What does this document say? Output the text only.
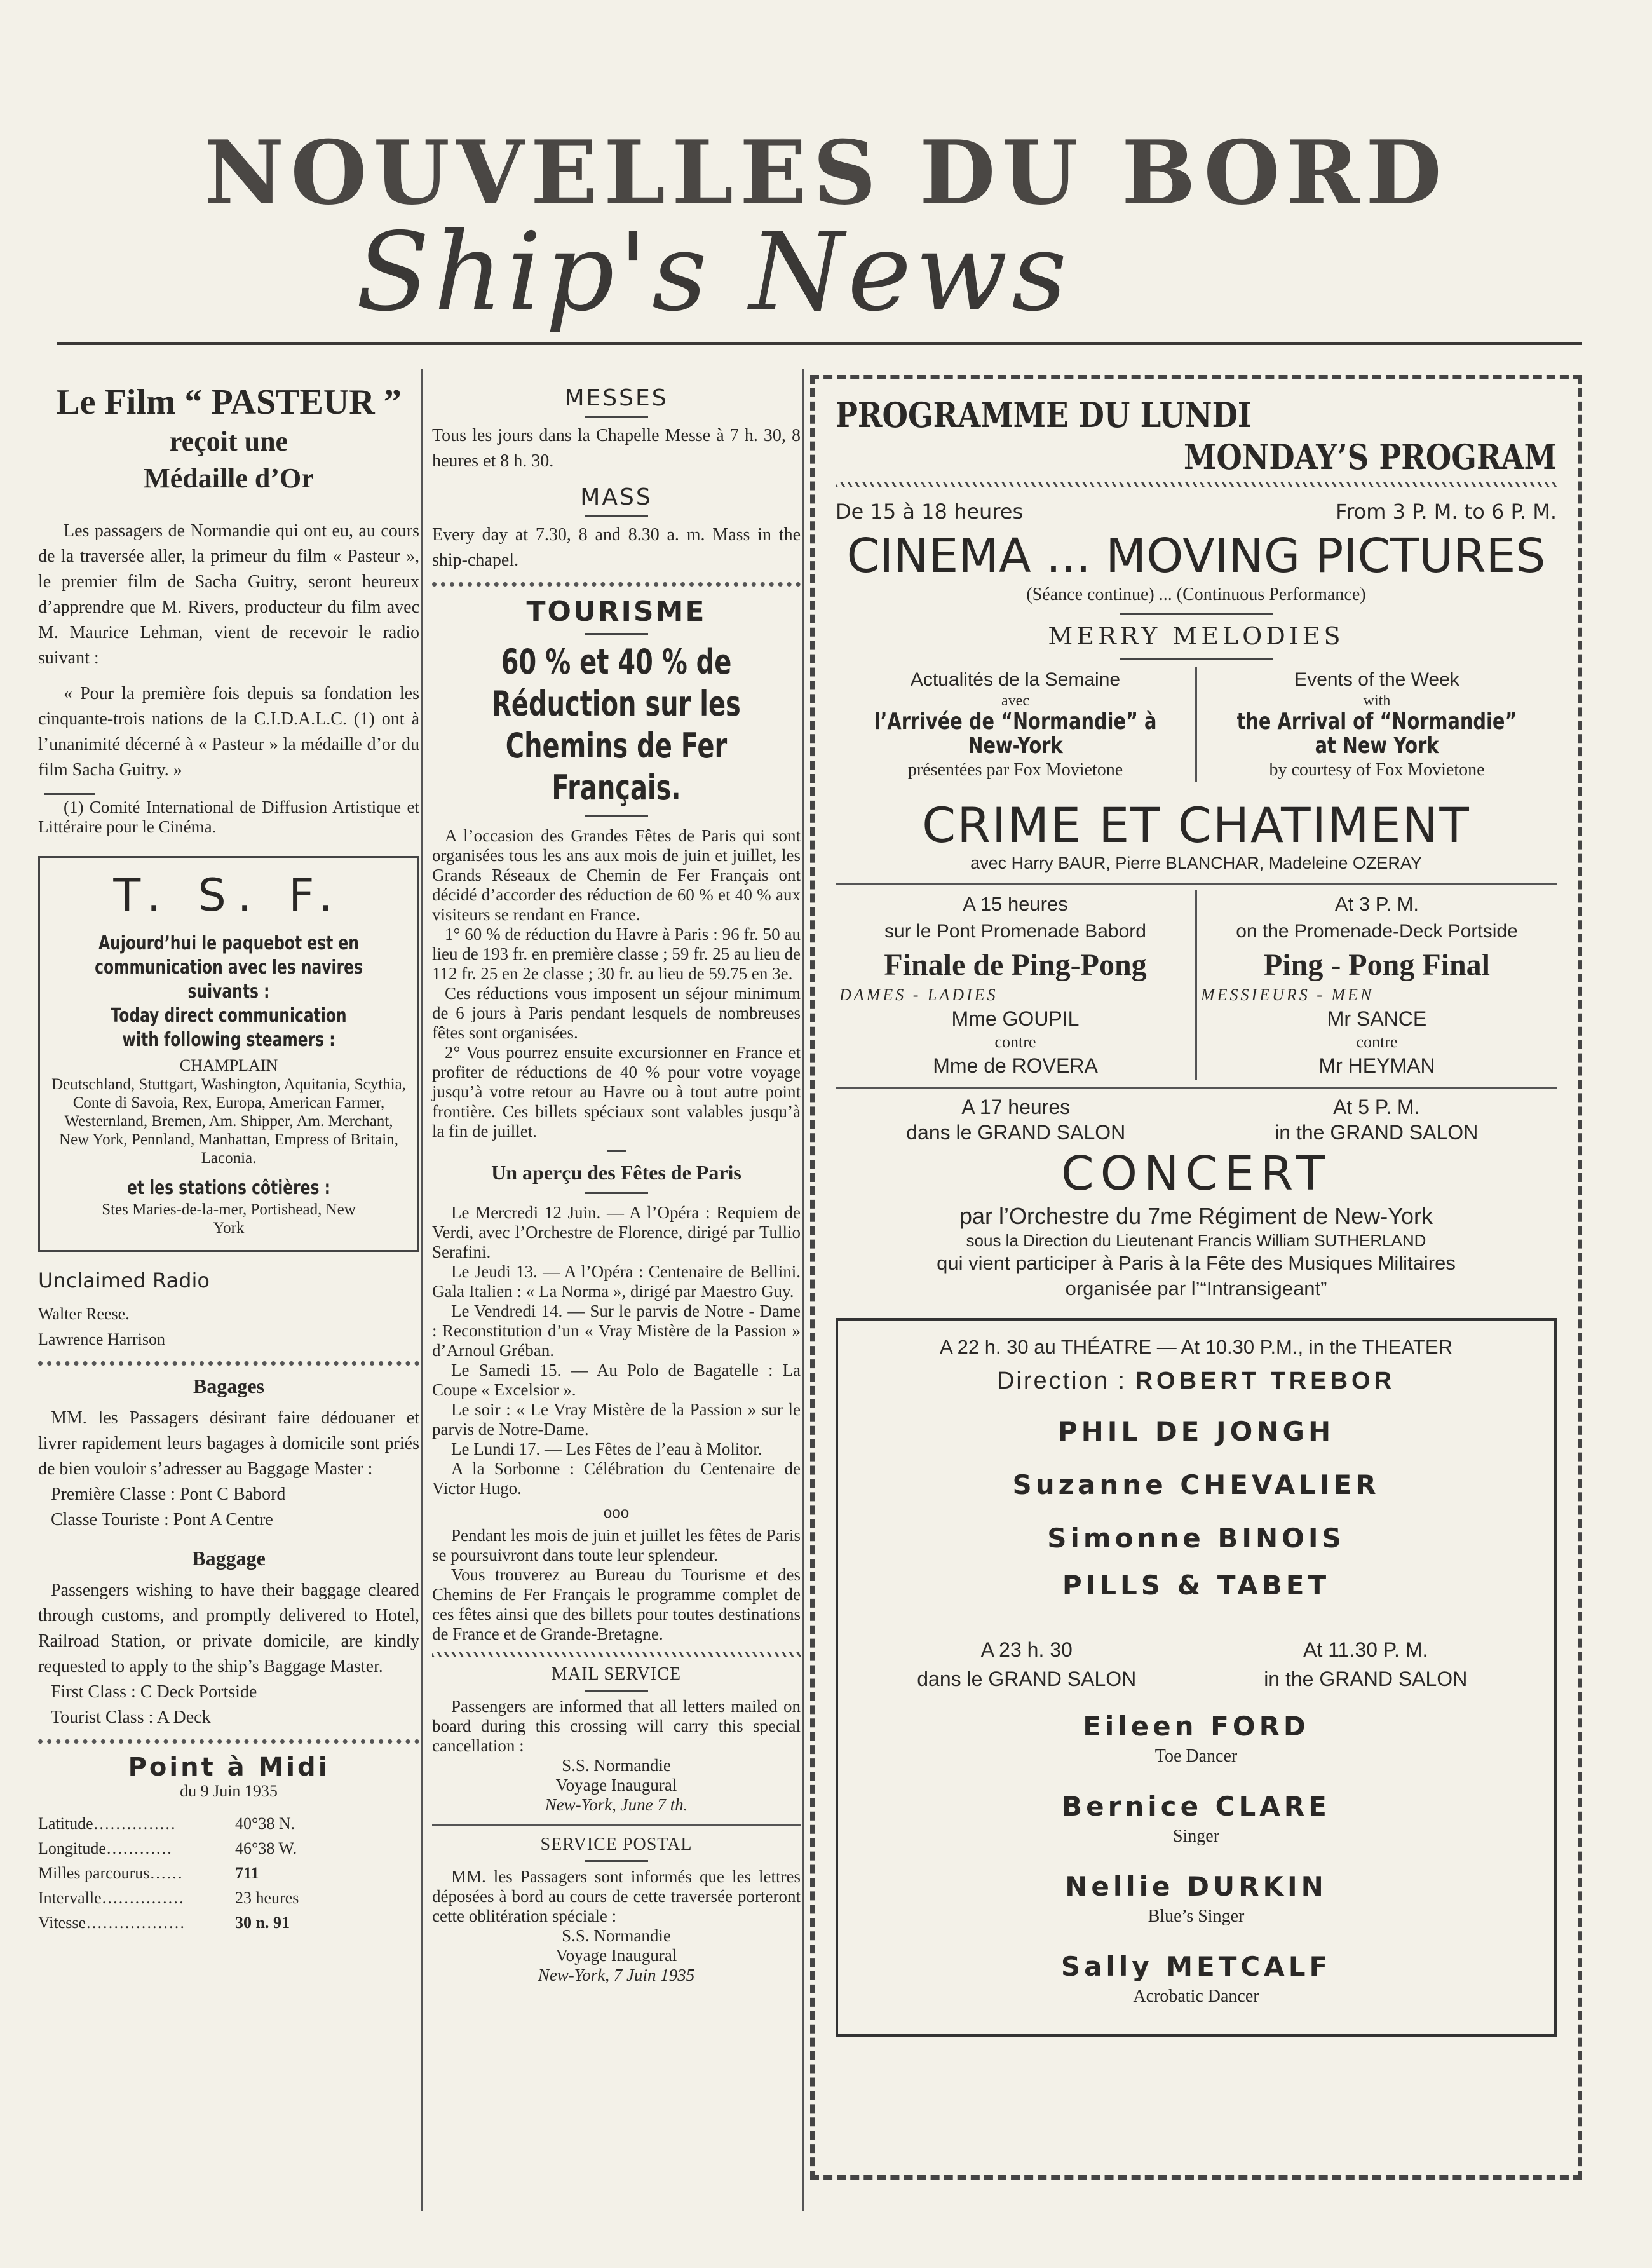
NOUVELLES DU BORD
Ship's News
Le Film “ PASTEUR ”
reçoit une
Médaille d’Or

Les passagers de Normandie qui ont eu, au cours de la traversée aller, la primeur du film « Pasteur », le premier film de Sacha Guitry, seront heureux d’apprendre que M. Rivers, producteur du film avec M. Maurice Lehman, vient de recevoir le radio suivant :

« Pour la première fois depuis sa fondation les cinquante-trois nations de la C.I.D.A.L.C. (1) ont à l’unanimité décerné à « Pasteur » la médaille d’or du film Sacha Guitry. »

(1) Comité International de Diffusion Artistique et Littéraire pour le Cinéma.

T. S. F.
Aujourd’hui le paquebot est en communication avec les navires suivants :
Today direct communication with following steamers :
CHAMPLAIN

Deutschland, Stuttgart, Washington, Aquitania, Scythia, Conte di Savoia, Rex, Europa, American Farmer, Westernland, Bremen, Am. Shipper, Am. Merchant, New York, Pennland, Manhattan, Empress of Britain, Laconia.

et les stations côtières :

Stes Maries-de-la-mer, Portishead, New York

Unclaimed Radio
Walter Reese.
Lawrence Harrison
Bagages

MM. les Passagers désirant faire dédouaner et livrer rapidement leurs bagages à domicile sont priés de bien vouloir s’adresser au Baggage Master :

Première Classe : Pont C Babord
Classe Touriste : Pont A Centre
Baggage

Passengers wishing to have their baggage cleared through customs, and promptly delivered to Hotel, Railroad Station, or private domicile, are kindly requested to apply to the ship’s Baggage Master.

First Class : C Deck Portside
Tourist Class : A Deck
Point à Midi
du 9 Juin 1935
Latitude……………	40°38 N.
Longitude…………	46°38 W.
Milles parcourus……	711
Intervalle……………	23 heures
Vitesse………………	30 n. 91
MESSES

Tous les jours dans la Chapelle Messe à 7 h. 30, 8 heures et 8 h. 30.

MASS

Every day at 7.30, 8 and 8.30 a. m. Mass in the ship-chapel.

TOURISME
60 % et 40 % de Réduction sur les Chemins de Fer Français.

A l’occasion des Grandes Fêtes de Paris qui sont organisées tous les ans aux mois de juin et juillet, les Grands Réseaux de Chemin de Fer Français ont décidé d’accorder des réduction de 60 % et 40 % aux visiteurs se rendant en France.

1° 60 % de réduction du Havre à Paris : 96 fr. 50 au lieu de 193 fr. en première classe ; 59 fr. 25 au lieu de 112 fr. 25 en 2e classe ; 30 fr. au lieu de 59.75 en 3e.

Ces réductions vous imposent un séjour minimum de 6 jours à Paris pendant lesquels de nombreuses fêtes sont organisées.

2° Vous pourrez ensuite excursionner en France et profiter de réductions de 40 % pour votre voyage jusqu’à votre retour au Havre ou à tout autre point frontière. Ces billets spéciaux sont valables jusqu’à la fin de juillet.

Un aperçu des Fêtes de Paris

Le Mercredi 12 Juin. — A l’Opéra : Requiem de Verdi, avec l’Orchestre de Florence, dirigé par Tullio Serafini.

Le Jeudi 13. — A l’Opéra : Centenaire de Bellini. Gala Italien : « La Norma », dirigé par Maestro Guy.

Le Vendredi 14. — Sur le parvis de Notre - Dame : Reconstitution d’un « Vray Mistère de la Passion » d’Arnoul Gréban.

Le Samedi 15. — Au Polo de Bagatelle : La Coupe « Excelsior ».

Le soir : « Le Vray Mistère de la Passion » sur le parvis de Notre-Dame.

Le Lundi 17. — Les Fêtes de l’eau à Molitor.

A la Sorbonne : Célébration du Centenaire de Victor Hugo.

ooo

Pendant les mois de juin et juillet les fêtes de Paris se poursuivront dans toute leur splendeur.

Vous trouverez au Bureau du Tourisme et des Chemins de Fer Français le programme complet de ces fêtes ainsi que des billets pour toutes destinations de France et de Grande-Bretagne.

MAIL SERVICE

Passengers are informed that all letters mailed on board during this crossing will carry this special cancellation :

S.S. Normandie
Voyage Inaugural
New-York, June 7 th.
SERVICE POSTAL

MM. les Passagers sont informés que les lettres déposées à bord au cours de cette traversée porteront cette oblitération spéciale :

S.S. Normandie
Voyage Inaugural
New-York, 7 Juin 1935
PROGRAMME DU LUNDI
MONDAY’S PROGRAM
De 15 à 18 heures	From 3 P. M. to 6 P. M.
CINEMA ... MOVING PICTURES
(Séance continue) ... (Continuous Performance)
MERRY MELODIES
Actualités de la Semaine
avec
l’Arrivée de “Normandie” à New-York
présentées par Fox Movietone
Events of the Week
with
the Arrival of “Normandie” at New York
by courtesy of Fox Movietone
CRIME ET CHATIMENT
avec Harry BAUR, Pierre BLANCHAR, Madeleine OZERAY
A 15 heures
sur le Pont Promenade Babord
Finale de Ping-Pong
DAMES - LADIES
Mme GOUPIL
contre
Mme de ROVERA
At 3 P. M.
on the Promenade-Deck Portside
Ping - Pong Final
MESSIEURS - MEN
Mr SANCE
contre
Mr HEYMAN
A 17 heures
dans le GRAND SALON
At 5 P. M.
in the GRAND SALON
CONCERT
par l’Orchestre du 7me Régiment de New-York
sous la Direction du Lieutenant Francis William SUTHERLAND
qui vient participer à Paris à la Fête des Musiques Militaires
organisée par l’“Intransigeant”
A 22 h. 30 au THÉATRE — At 10.30 P.M., in the THEATER
Direction : ROBERT TREBOR
PHIL DE JONGH
Suzanne CHEVALIER
Simonne BINOIS
PILLS & TABET
A 23 h. 30
dans le GRAND SALON
At 11.30 P. M.
in the GRAND SALON
Eileen FORD
Toe Dancer
Bernice CLARE
Singer
Nellie DURKIN
Blue’s Singer
Sally METCALF
Acrobatic Dancer
